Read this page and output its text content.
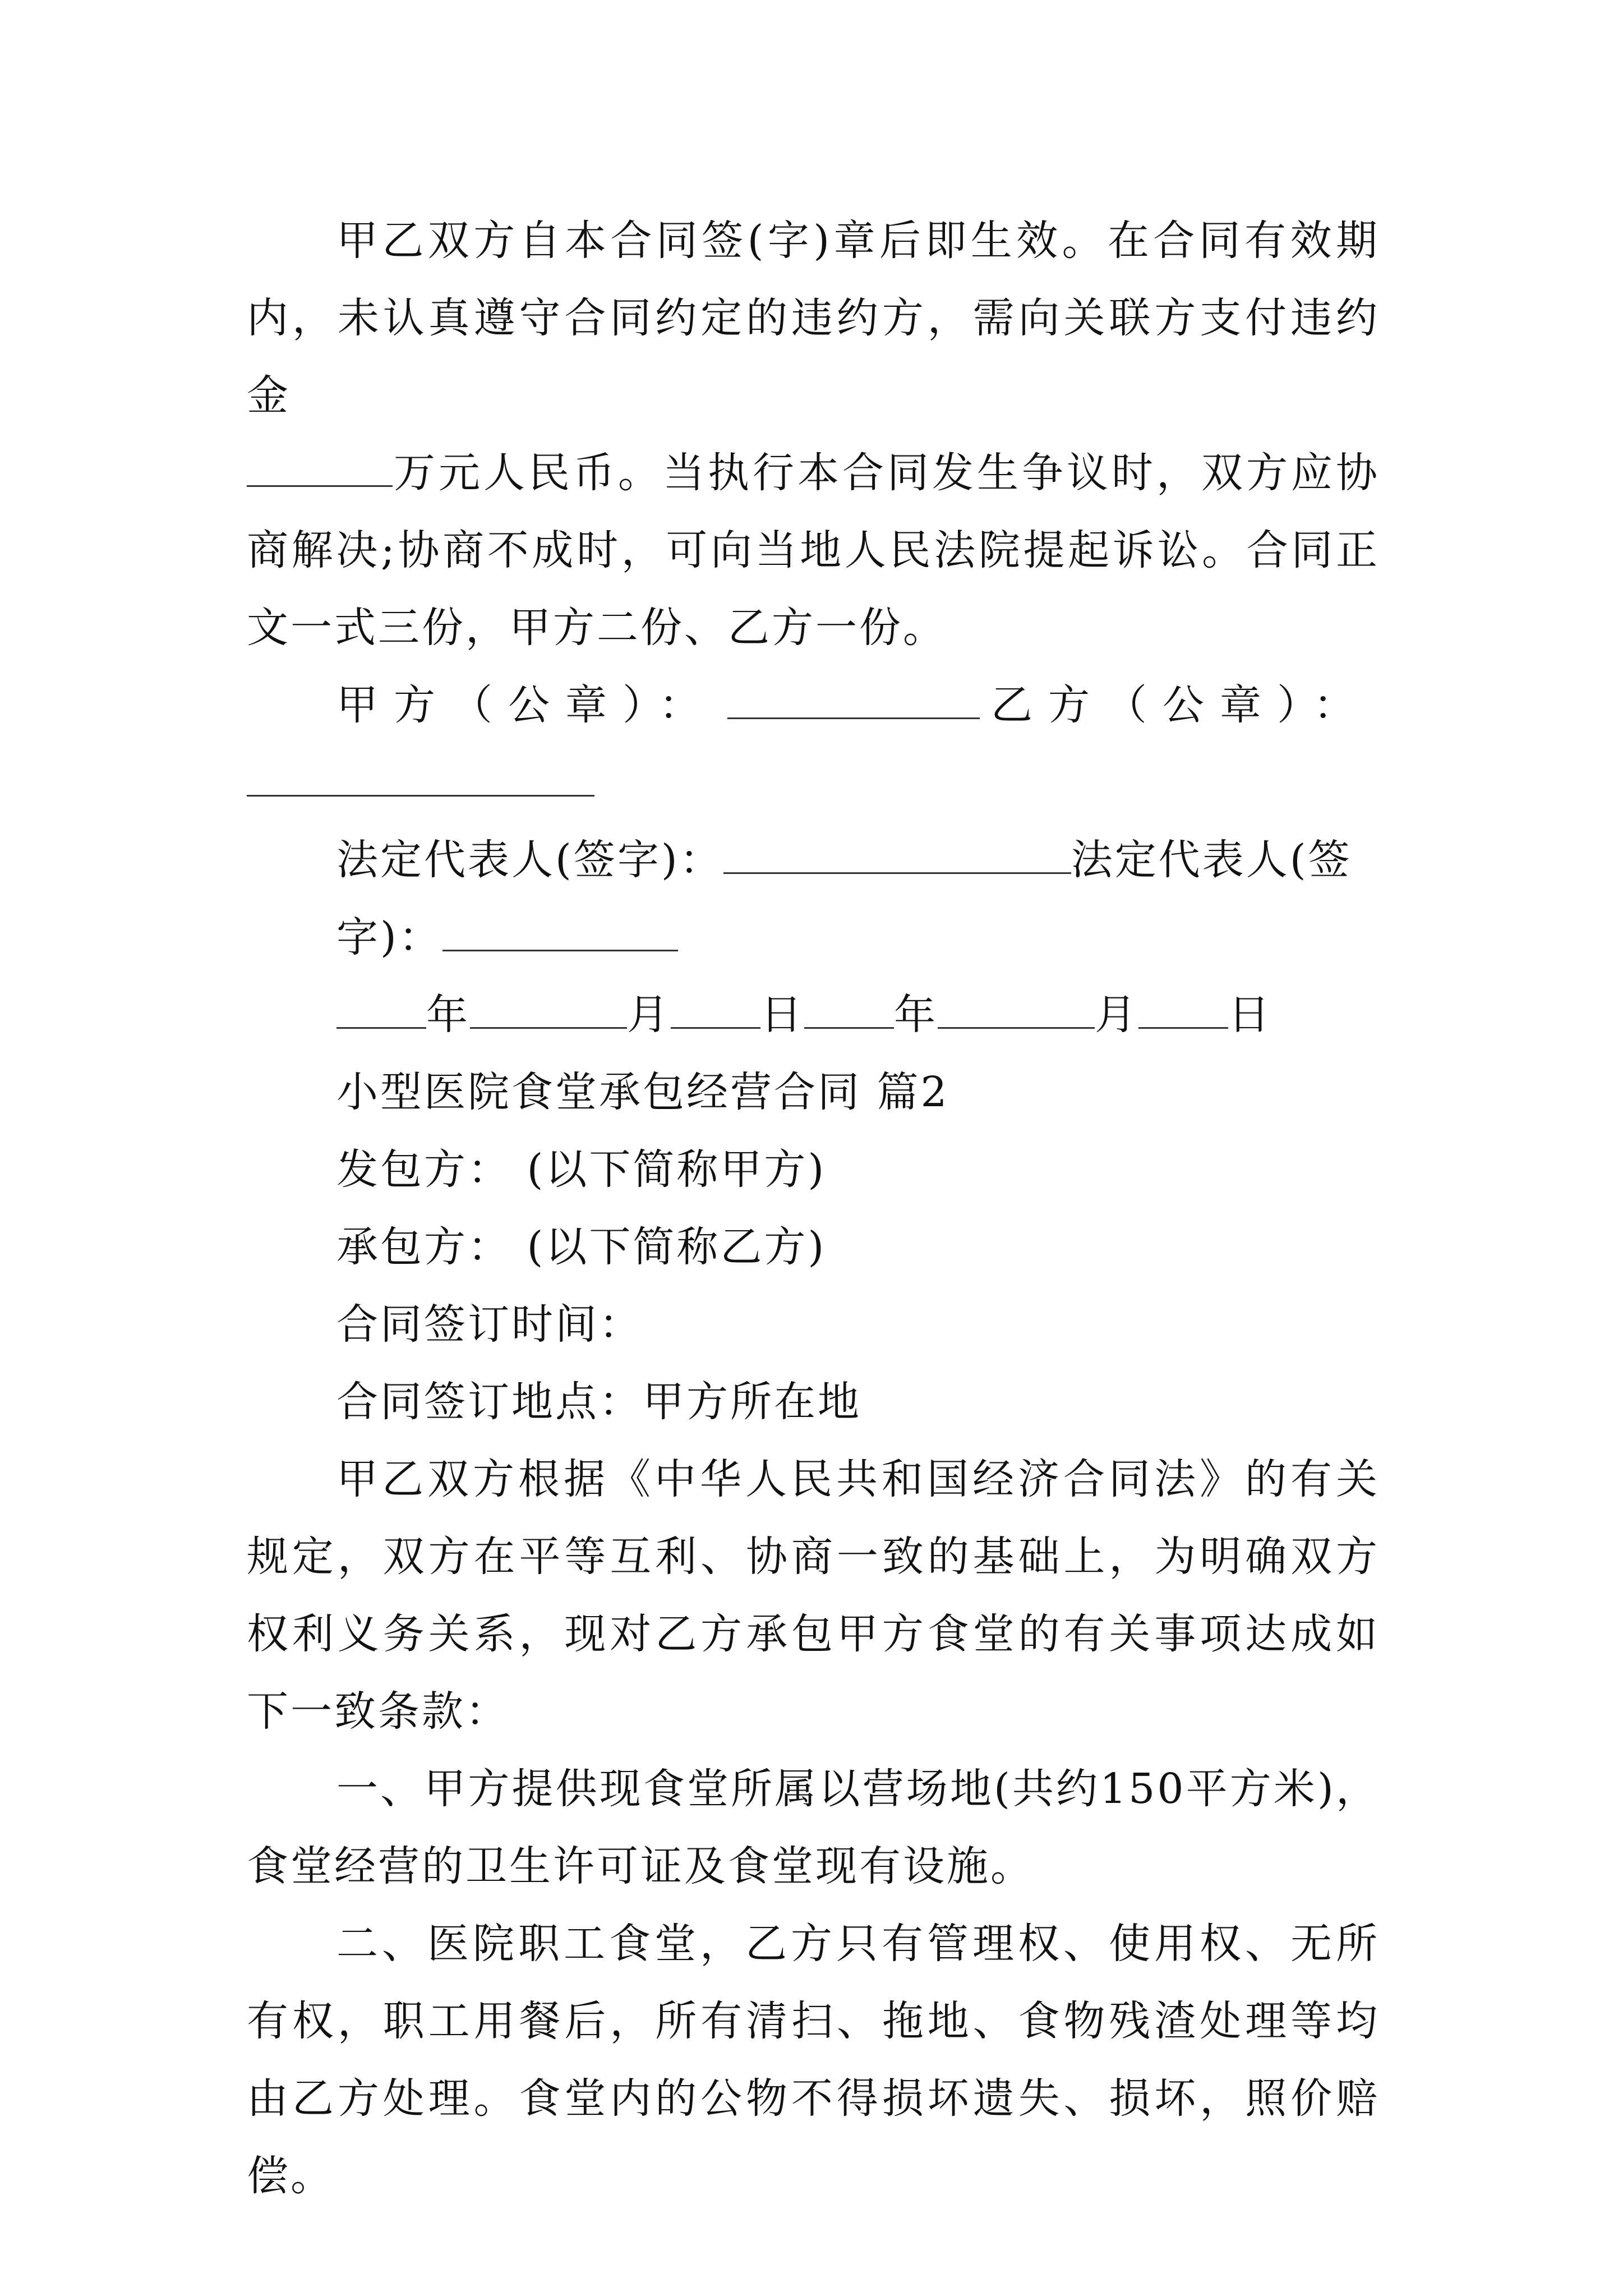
甲乙双方自本合同签(字)章后即生效。在合同有效期内，未认真遵守合同约定的违约方，需向关联方支付违约金
万元人民币。当执行本合同发生争议时，双方应协商解决;协商不成时，可向当地人民法院提起诉讼。合同正文一式三份，甲方二份、乙方一份。

甲方（公章）：	乙方（公章）：

法定代表人(签字)：	法定代表人(签字)：

年	月 日 年	月 日

小型医院食堂承包经营合同 篇2

发包方： (以下简称甲方)

承包方： (以下简称乙方)

合同签订时间：

合同签订地点：甲方所在地

甲乙双方根据《中华人民共和国经济合同法》的有关规定，双方在平等互利、协商一致的基础上，为明确双方权利义务关系，现对乙方承包甲方食堂的有关事项达成如下一致条款：

一、甲方提供现食堂所属以营场地(共约150平方米)，食堂经营的卫生许可证及食堂现有设施。

二、医院职工食堂，乙方只有管理权、使用权、无所有权，职工用餐后，所有清扫、拖地、食物残渣处理等均由乙方处理。食堂内的公物不得损坏遗失、损坏，照价赔偿。
